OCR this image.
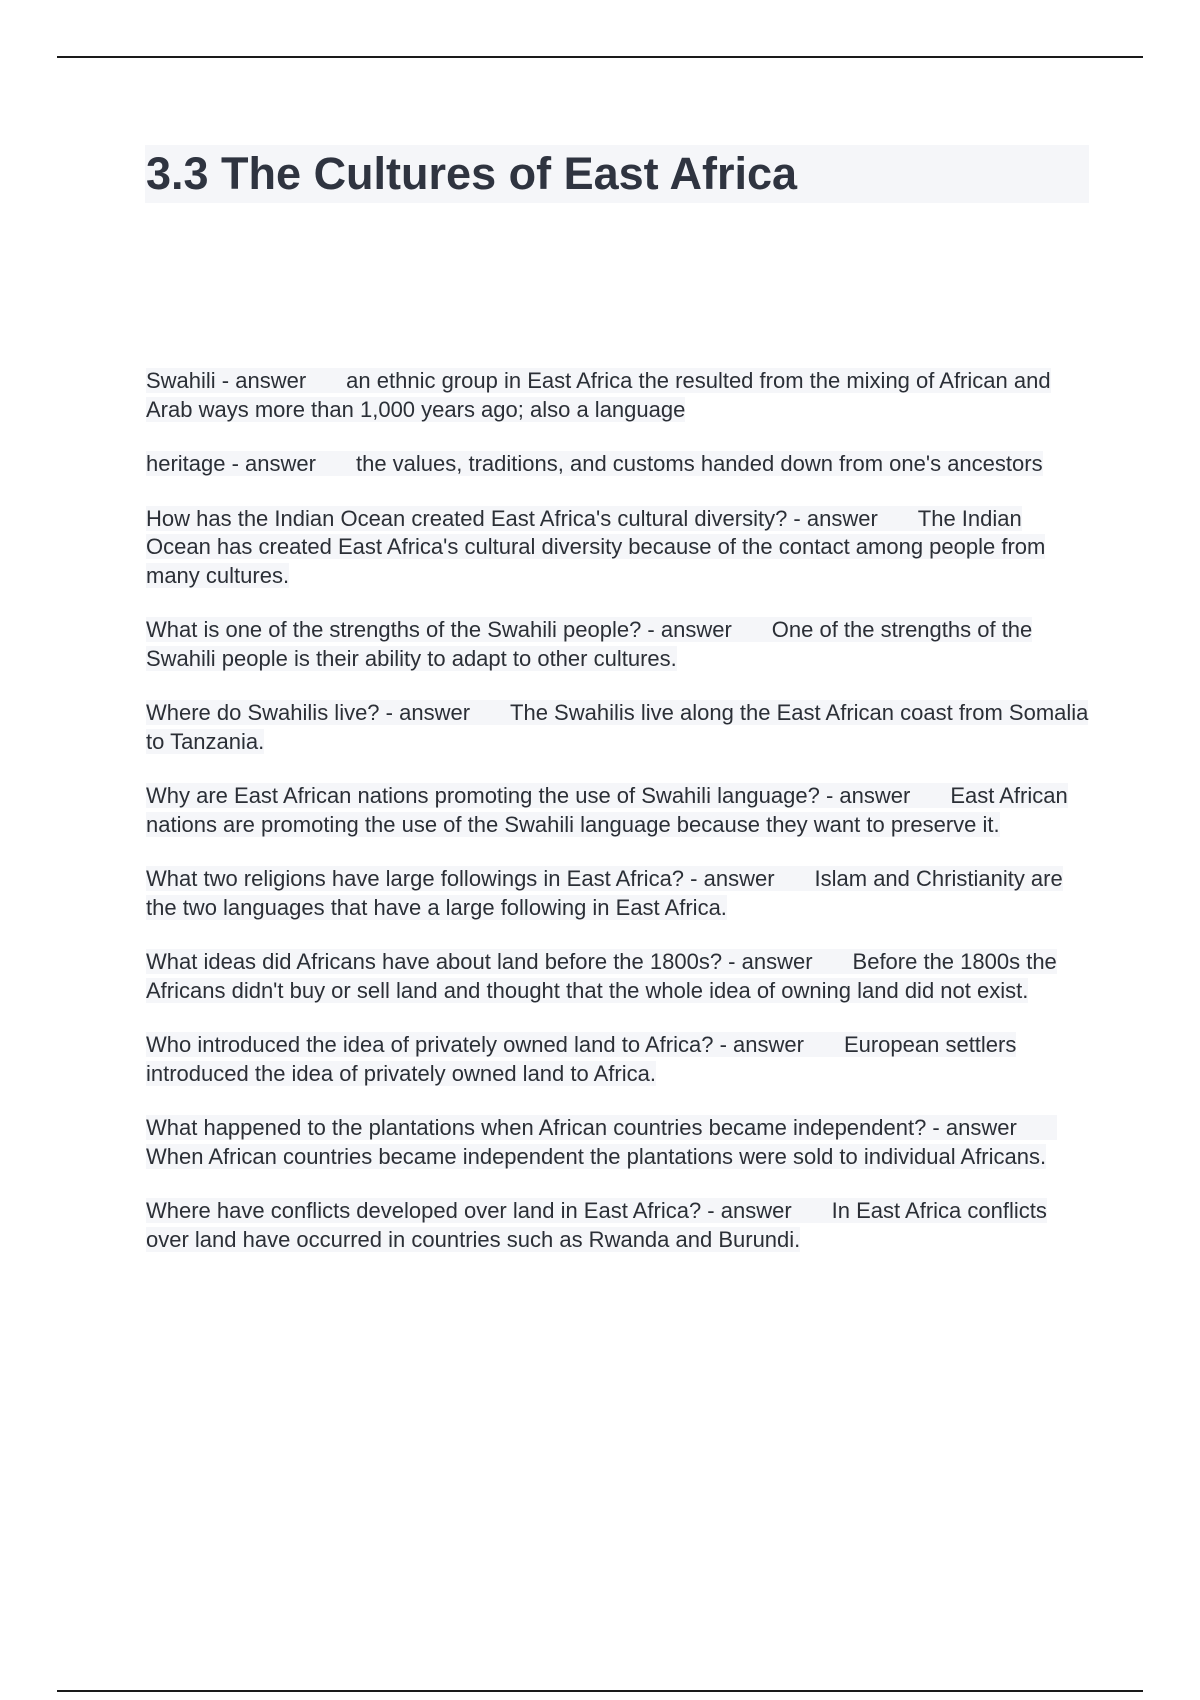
3.3 The Cultures of East Africa

Swahili - answer an ethnic group in East Africa the resulted from the mixing of African and Arab ways more than 1,000 years ago; also a language

heritage - answer the values, traditions, and customs handed down from one's ancestors

How has the Indian Ocean created East Africa's cultural diversity? - answer The Indian Ocean has created East Africa's cultural diversity because of the contact among people from many cultures.

What is one of the strengths of the Swahili people? - answer One of the strengths of the Swahili people is their ability to adapt to other cultures.

Where do Swahilis live? - answer The Swahilis live along the East African coast from Somalia to Tanzania.

Why are East African nations promoting the use of Swahili language? - answer East African nations are promoting the use of the Swahili language because they want to preserve it.

What two religions have large followings in East Africa? - answer Islam and Christianity are the two languages that have a large following in East Africa.

What ideas did Africans have about land before the 1800s? - answer Before the 1800s the Africans didn't buy or sell land and thought that the whole idea of owning land did not exist.

Who introduced the idea of privately owned land to Africa? - answer European settlers introduced the idea of privately owned land to Africa.

What happened to the plantations when African countries became independent? - answerWhen African countries became independent the plantations were sold to individual Africans.

Where have conflicts developed over land in East Africa? - answer In East Africa conflicts over land have occurred in countries such as Rwanda and Burundi.
